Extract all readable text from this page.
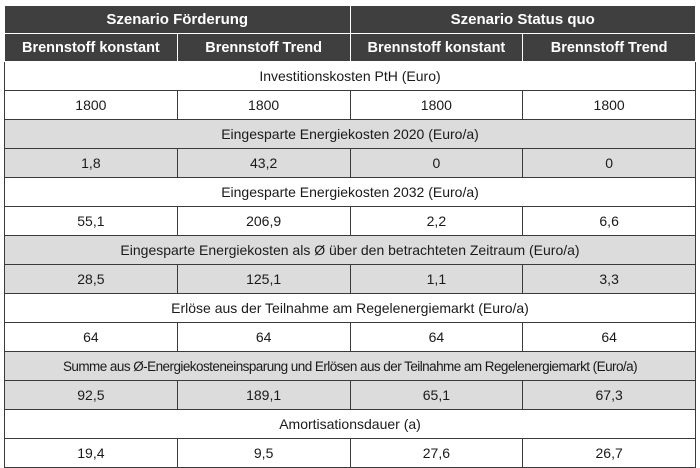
Szenario Förderung		Szenario Status quo	
Brennstoff konstant	Brennstoff Trend	Brennstoff konstant	Brennstoff Trend
Investitionskosten PtH (Euro)			
1800	1800	1800	1800
Eingesparte Energiekosten 2020 (Euro/a)			
1,8	43,2	0	0
Eingesparte Energiekosten 2032 (Euro/a)			
55,1	206,9	2,2	6,6
Eingesparte Energiekosten als Ø über den betrachteten Zeitraum (Euro/a)			
28,5	125,1	1,1	3,3
Erlöse aus der Teilnahme am Regelenergiemarkt (Euro/a)			
64	64	64	64
Summe aus Ø-Energiekosteneinsparung und Erlösen aus der Teilnahme am Regelenergiemarkt (Euro/a)			
92,5	189,1	65,1	67,3
Amortisationsdauer (a)			
19,4	9,5	27,6	26,7
